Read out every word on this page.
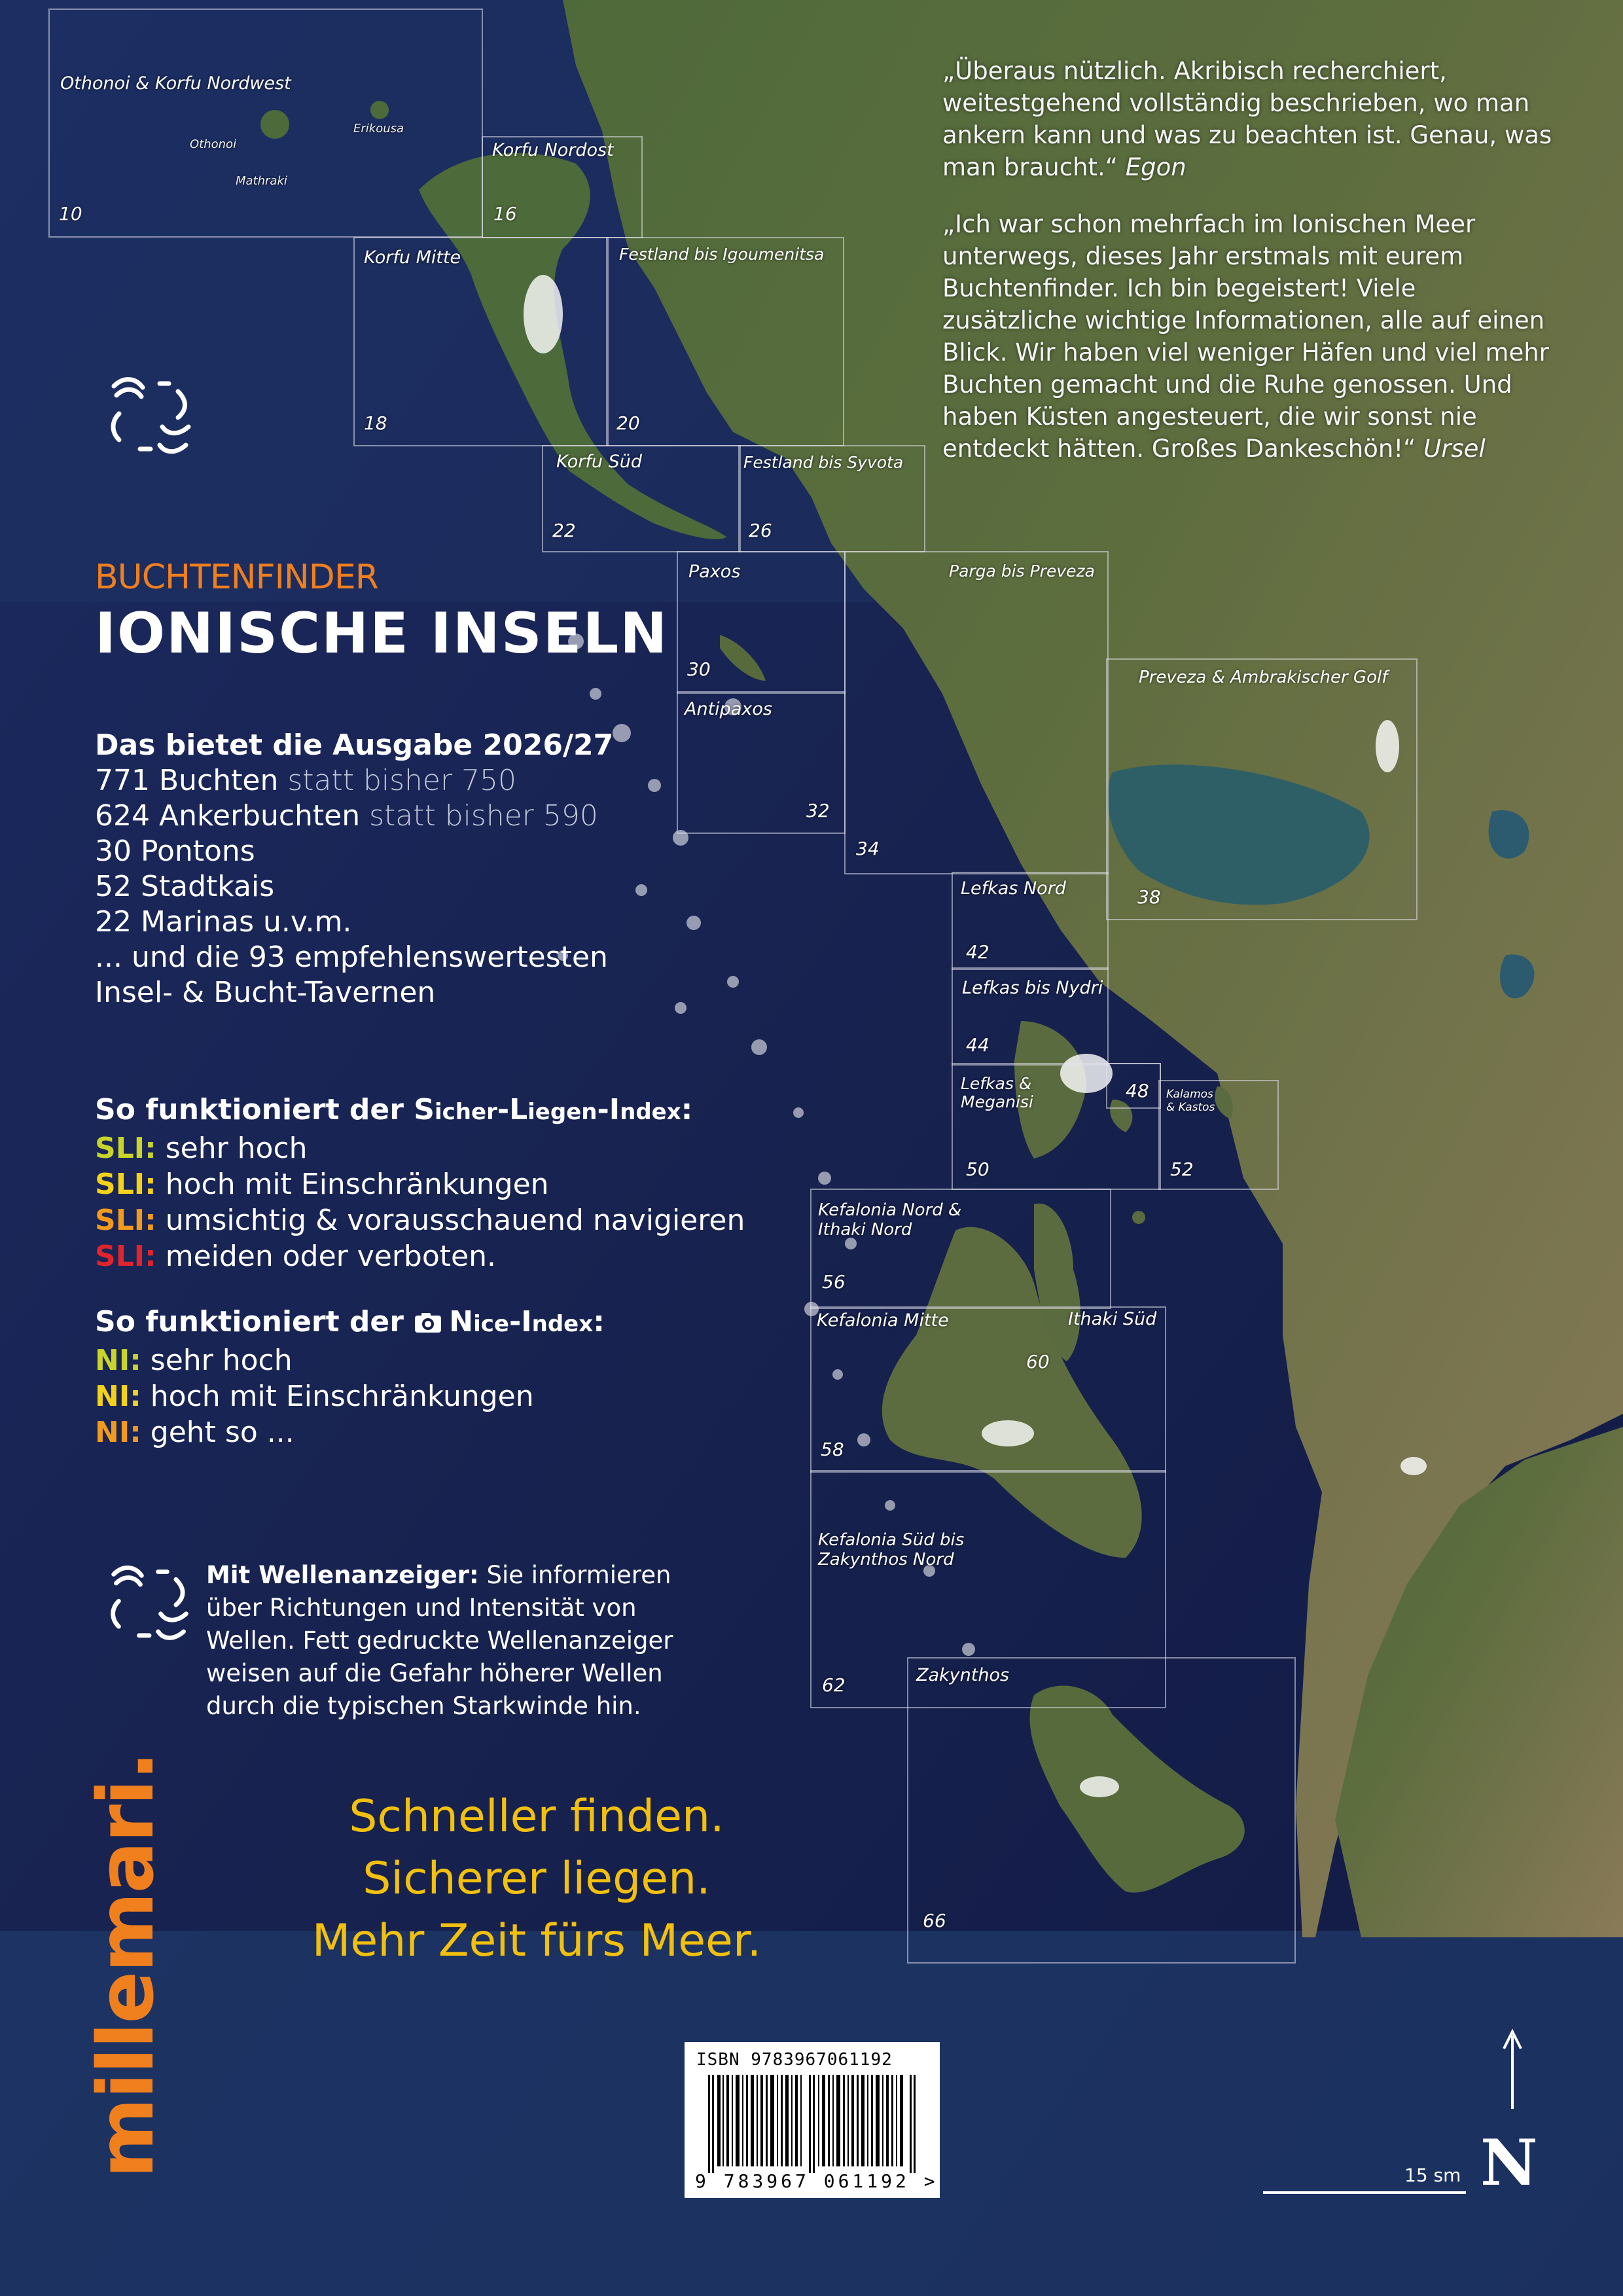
Othonoi & Korfu Nordwest
10
Korfu Nordost
16
Korfu Mitte
18
Festland bis Igoumenitsa
20
Korfu Süd
22
Festland bis Syvota
26
Paxos
30
Antipaxos
32
Parga bis Preveza
34
Preveza & Ambrakischer Golf
38
Lefkas Nord
42
Lefkas bis Nydri
44
48
Lefkas & Meganisi
50
Kalamos & Kastos
52
Kefalonia Nord & Ithaki Nord
56
Ithaki Süd
60
Kefalonia Mitte
58
Kefalonia Süd bis Zakynthos Nord
62	Zakynthos
66
Erikousa
Othonoi
Mathraki

„Überaus nützlich. Akribisch recherchiert, weitestgehend vollständig beschrieben, wo man ankern kann und was zu beachten ist. Genau, was man braucht.“ Egon

„Ich war schon mehrfach im Ionischen Meer unterwegs, dieses Jahr erstmals mit eurem Buchtenfinder. Ich bin begeistert! Viele zusätzliche wichtige Informationen, alle auf einen Blick. Wir haben viel weniger Häfen und viel mehr Buchten gemacht und die Ruhe genossen. Und haben Küsten angesteuert, die wir sonst nie entdeckt hätten. Großes Dankeschön!“ Ursel

BUCHTENFINDER
IONISCHE INSELN
Das bietet die Ausgabe 2026/27
771 Buchten statt bisher 750
624 Ankerbuchten statt bisher 590
30 Pontons
52 Stadtkais
22 Marinas u.v.m.
... und die 93 empfehlenswertesten
Insel- & Bucht-Tavernen
So funktioniert der Sicher-Liegen-Index:
SLI: sehr hoch
SLI: hoch mit Einschränkungen
SLI: umsichtig & vorausschauend navigieren
SLI: meiden oder verboten.
So funktioniert der Nice-Index:
NI: sehr hoch
NI: hoch mit Einschränkungen
NI: geht so ...
Mit Wellenanzeiger: Sie informieren über Richtungen und Intensität von Wellen. Fett gedruckte Wellenanzeiger weisen auf die Gefahr höherer Wellen durch die typischen Starkwinde hin.
Schneller finden.
Sicherer liegen.
Mehr Zeit fürs Meer.
millemari.	ISBN 9783967061192
9 783967 061192 >	15 sm N
